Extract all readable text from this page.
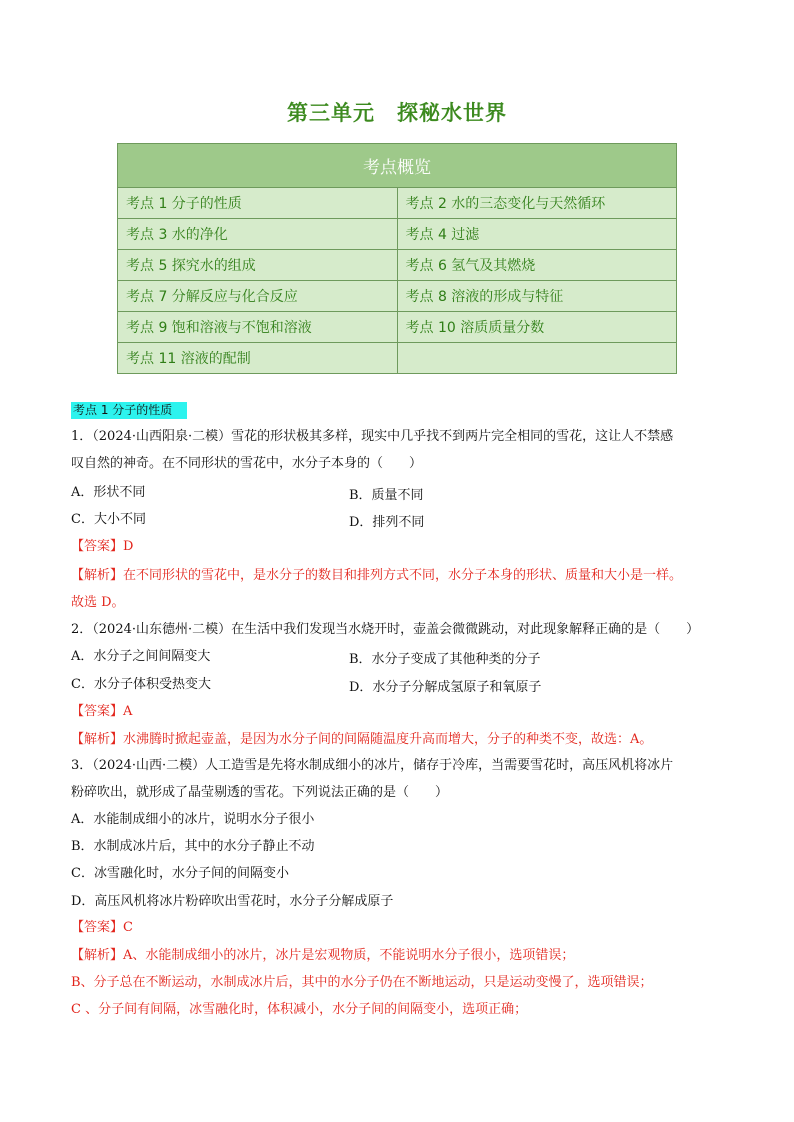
第三单元 探秘水世界
考点概览	
考点 1 分子的性质	考点 2 水的三态变化与天然循环
考点 3 水的净化	考点 4 过滤
考点 5 探究水的组成	考点 6 氢气及其燃烧
考点 7 分解反应与化合反应	考点 8 溶液的形成与特征
考点 9 饱和溶液与不饱和溶液	考点 10 溶质质量分数
考点 11 溶液的配制	
考点 1 分子的性质
1．（2024·山西阳泉·二模）雪花的形状极其多样，现实中几乎找不到两片完全相同的雪花，这让人不禁感
叹自然的神奇。在不同形状的雪花中，水分子本身的（　　）
A．形状不同	B．质量不同
C．大小不同	D．排列不同
【答案】D
【解析】在不同形状的雪花中，是水分子的数目和排列方式不同，水分子本身的形状、质量和大小是一样。
故选 D。
2．（2024·山东德州·二模）在生活中我们发现当水烧开时，壶盖会微微跳动，对此现象解释正确的是（　　）
A．水分子之间间隔变大	B．水分子变成了其他种类的分子
C．水分子体积受热变大	D．水分子分解成氢原子和氧原子
【答案】A
【解析】水沸腾时掀起壶盖，是因为水分子间的间隔随温度升高而增大，分子的种类不变，故选：A。
3．（2024·山西·二模）人工造雪是先将水制成细小的冰片，储存于冷库，当需要雪花时，高压风机将冰片
粉碎吹出，就形成了晶莹剔透的雪花。下列说法正确的是（　　）
A．水能制成细小的冰片，说明水分子很小
B．水制成冰片后，其中的水分子静止不动
C．冰雪融化时，水分子间的间隔变小
D．高压风机将冰片粉碎吹出雪花时，水分子分解成原子
【答案】C
【解析】A、水能制成细小的冰片，冰片是宏观物质，不能说明水分子很小，选项错误；
B、分子总在不断运动，水制成冰片后，其中的水分子仍在不断地运动，只是运动变慢了，选项错误；
C 、分子间有间隔，冰雪融化时，体积减小，水分子间的间隔变小，选项正确；
